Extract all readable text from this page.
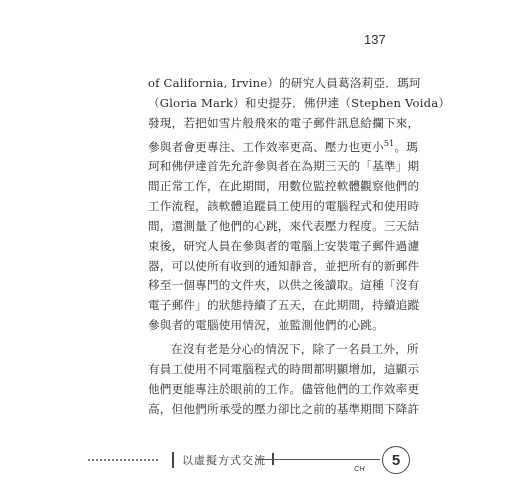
137

of California, Irvine）的研究人員葛洛莉亞．瑪珂
（Gloria Mark）和史提芬．佛伊達（Stephen Voida）
發現，若把如雪片般飛來的電子郵件訊息給攔下來，
參與者會更專注、工作效率更高、壓力也更小$^{51}$。瑪
珂和佛伊達首先允許參與者在為期三天的「基準」期
間正常工作，在此期間，用數位監控軟體觀察他們的
工作流程，該軟體追蹤員工使用的電腦程式和使用時
間，還測量了他們的心跳，來代表壓力程度。三天結
束後，研究人員在參與者的電腦上安裝電子郵件過濾
器，可以使所有收到的通知靜音，並把所有的新郵件
移至一個專門的文件夾，以供之後讀取。這種「沒有
電子郵件」的狀態持續了五天，在此期間，持續追蹤
參與者的電腦使用情況，並監測他們的心跳。

在沒有老是分心的情況下，除了一名員工外，所
有員工使用不同電腦程式的時間都明顯增加，這顯示
他們更能專注於眼前的工作。儘管他們的工作效率更
高，但他們所承受的壓力卻比之前的基準期間下降許

以虛擬方式交流
CH
5
